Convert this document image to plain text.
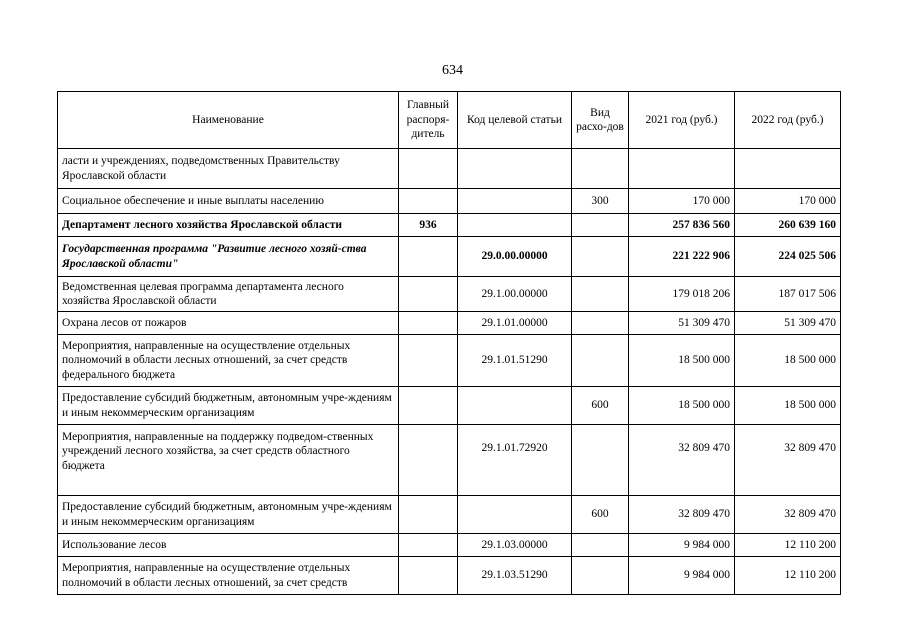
634
Наименование	Главный распоря-дитель	Код целевой статьи	Вид расхо-дов	2021 год (руб.)	2022 год (руб.)
ласти и учреждениях, подведомственных Правительству Ярославской области					
Социальное обеспечение и иные выплаты населению			300	170 000	170 000
Департамент лесного хозяйства Ярославской области	936			257 836 560	260 639 160
Государственная программа "Развитие лесного хозяй-ства Ярославской области"		29.0.00.00000		221 222 906	224 025 506
Ведомственная целевая программа департамента лесного хозяйства Ярославской области		29.1.00.00000		179 018 206	187 017 506
Охрана лесов от пожаров		29.1.01.00000		51 309 470	51 309 470
Мероприятия, направленные на осуществление отдельных полномочий в области лесных отношений, за счет средств федерального бюджета		29.1.01.51290		18 500 000	18 500 000
Предоставление субсидий бюджетным, автономным учре-ждениям и иным некоммерческим организациям			600	18 500 000	18 500 000
Мероприятия, направленные на поддержку подведом-ственных учреждений лесного хозяйства, за счет средств областного бюджета		29.1.01.72920		32 809 470	32 809 470
Предоставление субсидий бюджетным, автономным учре-ждениям и иным некоммерческим организациям			600	32 809 470	32 809 470
Использование лесов		29.1.03.00000		9 984 000	12 110 200
Мероприятия, направленные на осуществление отдельных полномочий в области лесных отношений, за счет средств		29.1.03.51290		9 984 000	12 110 200
